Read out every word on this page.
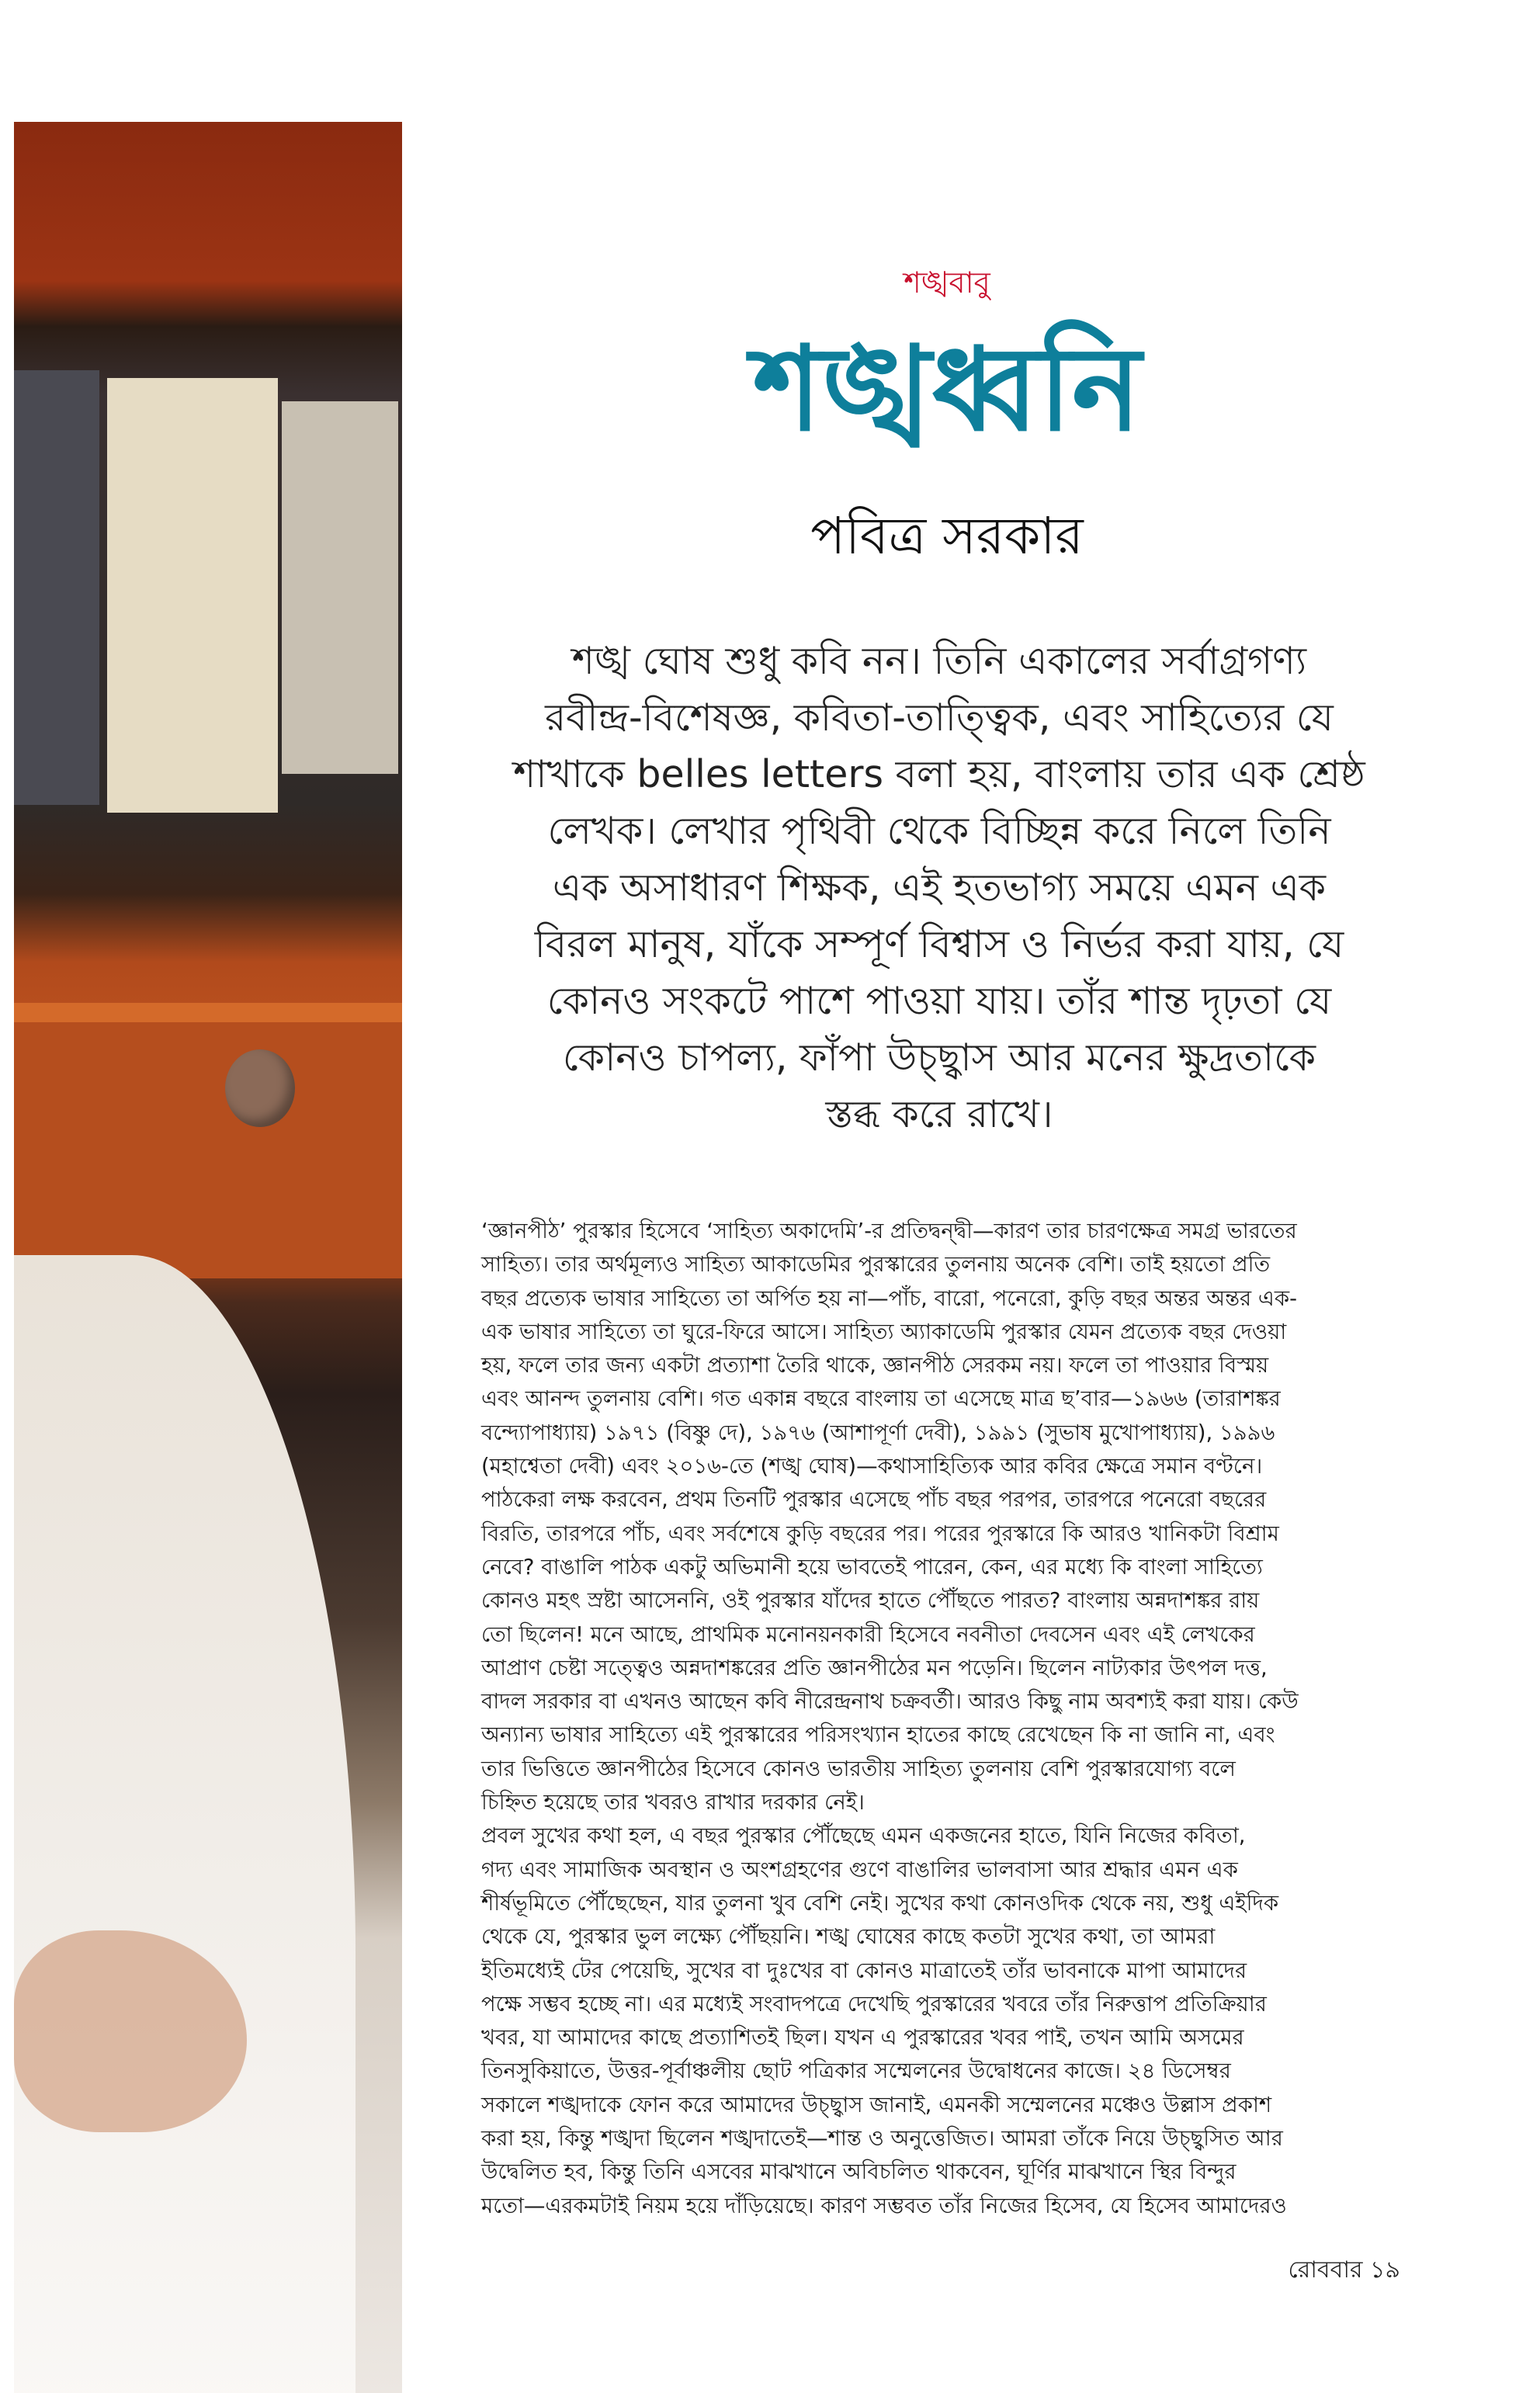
শঙ্খবাবু
শঙ্খধ্বনি
পবিত্র সরকার
শঙ্খ ঘোষ শুধু কবি নন। তিনি একালের সর্বাগ্রগণ্য
রবীন্দ্র-বিশেষজ্ঞ, কবিতা-তাত্ত্বিক, এবং সাহিত্যের যে
শাখাকে belles letters বলা হয়, বাংলায় তার এক শ্রেষ্ঠ
লেখক। লেখার পৃথিবী থেকে বিচ্ছিন্ন করে নিলে তিনি
এক অসাধারণ শিক্ষক, এই হতভাগ্য সময়ে এমন এক
বিরল মানুষ, যাঁকে সম্পূর্ণ বিশ্বাস ও নির্ভর করা যায়, যে
কোনও সংকটে পাশে পাওয়া যায়। তাঁর শান্ত দৃঢ়তা যে
কোনও চাপল্য, ফাঁপা উচ্ছ্বাস আর মনের ক্ষুদ্রতাকে
স্তব্ধ করে রাখে।
‘জ্ঞানপীঠ’ পুরস্কার হিসেবে ‘সাহিত্য অকাদেমি’-র প্রতিদ্বন্দ্বী—কারণ তার চারণক্ষেত্র সমগ্র ভারতের
সাহিত্য। তার অর্থমূল্যও সাহিত্য আকাডেমির পুরস্কারের তুলনায় অনেক বেশি। তাই হয়তো প্রতি
বছর প্রত্যেক ভাষার সাহিত্যে তা অর্পিত হয় না—পাঁচ, বারো, পনেরো, কুড়ি বছর অন্তর অন্তর এক-
এক ভাষার সাহিত্যে তা ঘুরে-ফিরে আসে। সাহিত্য অ্যাকাডেমি পুরস্কার যেমন প্রত্যেক বছর দেওয়া
হয়, ফলে তার জন্য একটা প্রত্যাশা তৈরি থাকে, জ্ঞানপীঠ সেরকম নয়। ফলে তা পাওয়ার বিস্ময়
এবং আনন্দ তুলনায় বেশি। গত একান্ন বছরে বাংলায় তা এসেছে মাত্র ছ’বার—১৯৬৬ (তারাশঙ্কর
বন্দ্যোপাধ্যায়) ১৯৭১ (বিষ্ণু দে), ১৯৭৬ (আশাপূর্ণা দেবী), ১৯৯১ (সুভাষ মুখোপাধ্যায়), ১৯৯৬
(মহাশ্বেতা দেবী) এবং ২০১৬-তে (শঙ্খ ঘোষ)—কথাসাহিত্যিক আর কবির ক্ষেত্রে সমান বণ্টনে।
পাঠকেরা লক্ষ করবেন, প্রথম তিনটি পুরস্কার এসেছে পাঁচ বছর পরপর, তারপরে পনেরো বছরের
বিরতি, তারপরে পাঁচ, এবং সর্বশেষে কুড়ি বছরের পর। পরের পুরস্কারে কি আরও খানিকটা বিশ্রাম
নেবে? বাঙালি পাঠক একটু অভিমানী হয়ে ভাবতেই পারেন, কেন, এর মধ্যে কি বাংলা সাহিত্যে
কোনও মহৎ স্রষ্টা আসেননি, ওই পুরস্কার যাঁদের হাতে পৌঁছতে পারত? বাংলায় অন্নদাশঙ্কর রায়
তো ছিলেন! মনে আছে, প্রাথমিক মনোনয়নকারী হিসেবে নবনীতা দেবসেন এবং এই লেখকের
আপ্রাণ চেষ্টা সত্ত্বেও অন্নদাশঙ্করের প্রতি জ্ঞানপীঠের মন পড়েনি। ছিলেন নাট্যকার উৎপল দত্ত,
বাদল সরকার বা এখনও আছেন কবি নীরেন্দ্রনাথ চক্রবর্তী। আরও কিছু নাম অবশ্যই করা যায়। কেউ
অন্যান্য ভাষার সাহিত্যে এই পুরস্কারের পরিসংখ্যান হাতের কাছে রেখেছেন কি না জানি না, এবং
তার ভিত্তিতে জ্ঞানপীঠের হিসেবে কোনও ভারতীয় সাহিত্য তুলনায় বেশি পুরস্কারযোগ্য বলে
চিহ্নিত হয়েছে তার খবরও রাখার দরকার নেই।
প্রবল সুখের কথা হল, এ বছর পুরস্কার পৌঁছেছে এমন একজনের হাতে, যিনি নিজের কবিতা,
গদ্য এবং সামাজিক অবস্থান ও অংশগ্রহণের গুণে বাঙালির ভালবাসা আর শ্রদ্ধার এমন এক
শীর্ষভূমিতে পৌঁছেছেন, যার তুলনা খুব বেশি নেই। সুখের কথা কোনওদিক থেকে নয়, শুধু এইদিক
থেকে যে, পুরস্কার ভুল লক্ষ্যে পৌঁছয়নি। শঙ্খ ঘোষের কাছে কতটা সুখের কথা, তা আমরা
ইতিমধ্যেই টের পেয়েছি, সুখের বা দুঃখের বা কোনও মাত্রাতেই তাঁর ভাবনাকে মাপা আমাদের
পক্ষে সম্ভব হচ্ছে না। এর মধ্যেই সংবাদপত্রে দেখেছি পুরস্কারের খবরে তাঁর নিরুত্তাপ প্রতিক্রিয়ার
খবর, যা আমাদের কাছে প্রত্যাশিতই ছিল। যখন এ পুরস্কারের খবর পাই, তখন আমি অসমের
তিনসুকিয়াতে, উত্তর-পূর্বাঞ্চলীয় ছোট পত্রিকার সম্মেলনের উদ্বোধনের কাজে। ২৪ ডিসেম্বর
সকালে শঙ্খদাকে ফোন করে আমাদের উচ্ছ্বাস জানাই, এমনকী সম্মেলনের মঞ্চেও উল্লাস প্রকাশ
করা হয়, কিন্তু শঙ্খদা ছিলেন শঙ্খদাতেই—শান্ত ও অনুত্তেজিত। আমরা তাঁকে নিয়ে উচ্ছ্বসিত আর
উদ্বেলিত হব, কিন্তু তিনি এসবের মাঝখানে অবিচলিত থাকবেন, ঘূর্ণির মাঝখানে স্থির বিন্দুর
মতো—এরকমটাই নিয়ম হয়ে দাঁড়িয়েছে। কারণ সম্ভবত তাঁর নিজের হিসেব, যে হিসেব আমাদেরও
রোববার ১৯
